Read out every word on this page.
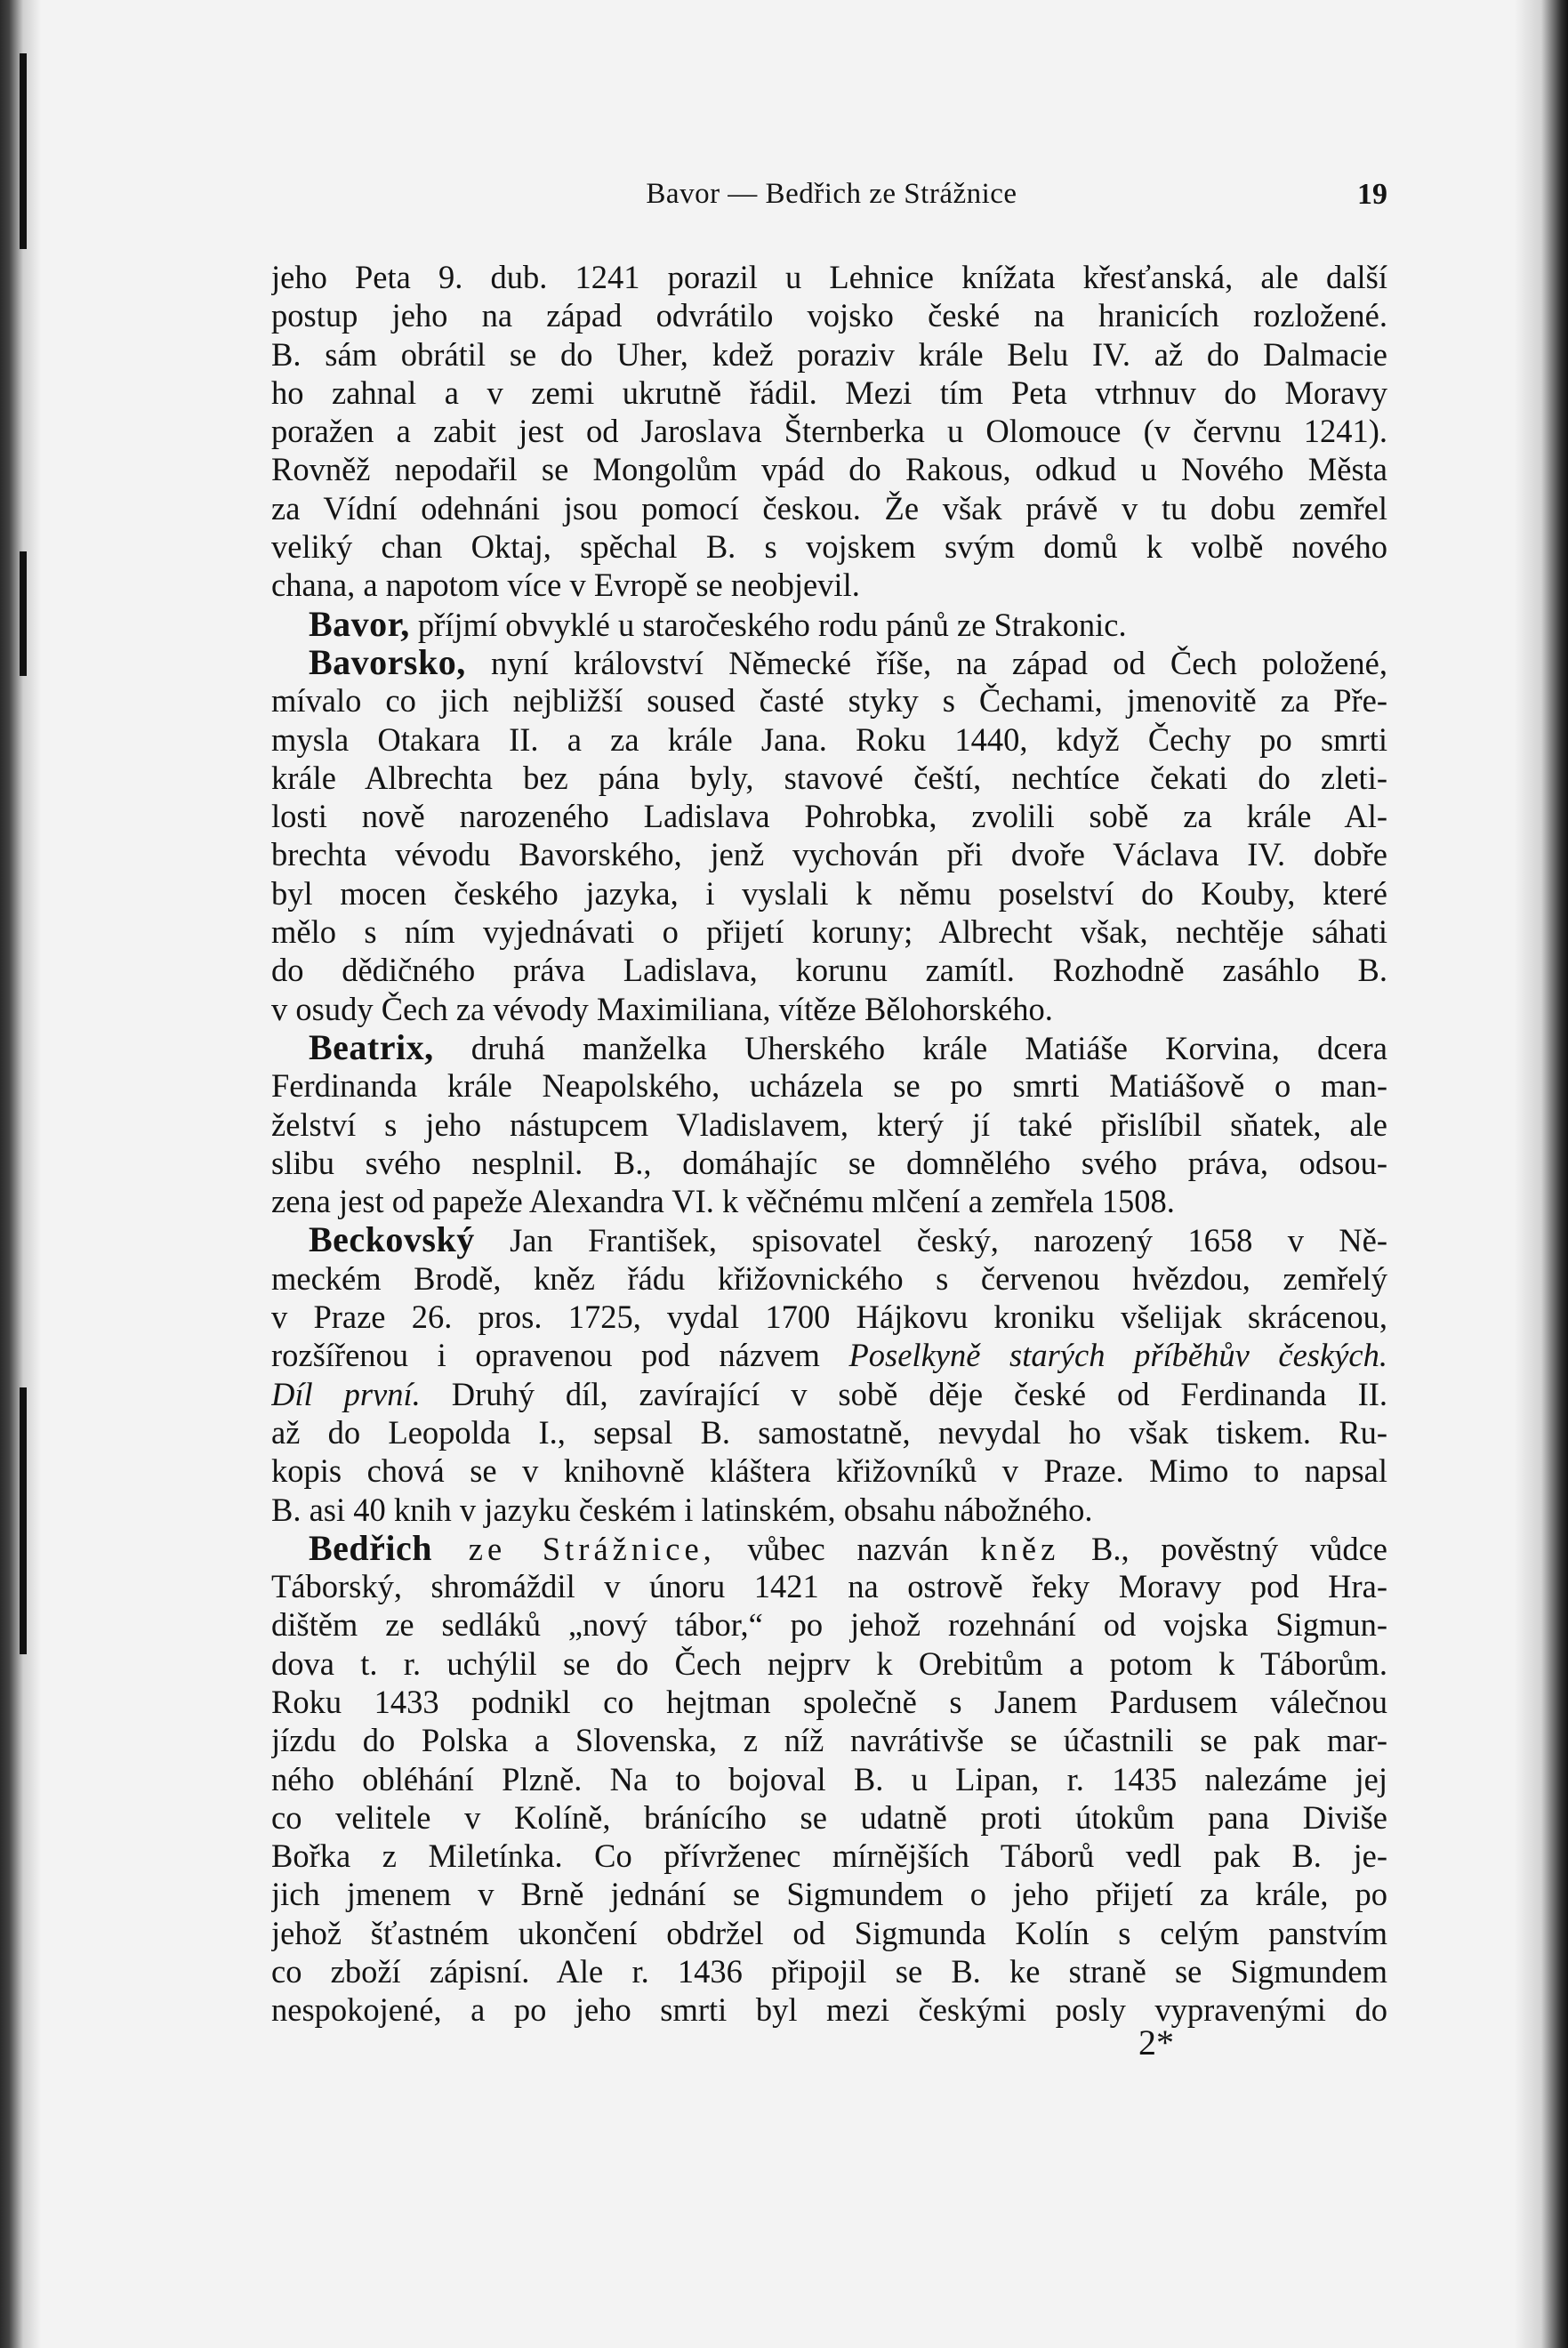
Bavor — Bedřich ze Strážnice	19
jeho Peta 9. dub. 1241 porazil u Lehnice knížata křesťanská, ale další
postup jeho na západ odvrátilo vojsko české na hranicích rozložené.
B. sám obrátil se do Uher, kdež poraziv krále Belu IV. až do Dalmacie
ho zahnal a v zemi ukrutně řádil. Mezi tím Peta vtrhnuv do Moravy
poražen a zabit jest od Jaroslava Šternberka u Olomouce (v červnu 1241).
Rovněž nepodařil se Mongolům vpád do Rakous, odkud u Nového Města
za Vídní odehnáni jsou pomocí českou. Že však právě v tu dobu zemřel
veliký chan Oktaj, spěchal B. s vojskem svým domů k volbě nového
chana, a napotom více v Evropě se neobjevil.
Bavor, příjmí obvyklé u staročeského rodu pánů ze Strakonic.
Bavorsko, nyní království Německé říše, na západ od Čech položené,
mívalo co jich nejbližší soused časté styky s Čechami, jmenovitě za Pře-
mysla Otakara II. a za krále Jana. Roku 1440, když Čechy po smrti
krále Albrechta bez pána byly, stavové čeští, nechtíce čekati do zleti-
losti nově narozeného Ladislava Pohrobka, zvolili sobě za krále Al-
brechta vévodu Bavorského, jenž vychován při dvoře Václava IV. dobře
byl mocen českého jazyka, i vyslali k němu poselství do Kouby, které
mělo s ním vyjednávati o přijetí koruny; Albrecht však, nechtěje sáhati
do dědičného práva Ladislava, korunu zamítl. Rozhodně zasáhlo B.
v osudy Čech za vévody Maximiliana, vítěze Bělohorského.
Beatrix, druhá manželka Uherského krále Matiáše Korvina, dcera
Ferdinanda krále Neapolského, ucházela se po smrti Matiášově o man-
želství s jeho nástupcem Vladislavem, který jí také přislíbil sňatek, ale
slibu svého nesplnil. B., domáhajíc se domnělého svého práva, odsou-
zena jest od papeže Alexandra VI. k věčnému mlčení a zemřela 1508.
Beckovský Jan František, spisovatel český, narozený 1658 v Ně-
meckém Brodě, kněz řádu křižovnického s červenou hvězdou, zemřelý
v Praze 26. pros. 1725, vydal 1700 Hájkovu kroniku všelijak skrácenou,
rozšířenou i opravenou pod názvem Poselkyně starých příběhův českých.
Díl první. Druhý díl, zavírající v sobě děje české od Ferdinanda II.
až do Leopolda I., sepsal B. samostatně, nevydal ho však tiskem. Ru-
kopis chová se v knihovně kláštera křižovníků v Praze. Mimo to napsal
B. asi 40 knih v jazyku českém i latinském, obsahu nábožného.
Bedřich ze Strážnice, vůbec nazván kněz B., pověstný vůdce
Táborský, shromáždil v únoru 1421 na ostrově řeky Moravy pod Hra-
dištěm ze sedláků „nový tábor,“ po jehož rozehnání od vojska Sigmun-
dova t. r. uchýlil se do Čech nejprv k Orebitům a potom k Táborům.
Roku 1433 podnikl co hejtman společně s Janem Pardusem válečnou
jízdu do Polska a Slovenska, z níž navrátivše se účastnili se pak mar-
ného obléhání Plzně. Na to bojoval B. u Lipan, r. 1435 nalezáme jej
co velitele v Kolíně, bránícího se udatně proti útokům pana Diviše
Bořka z Miletínka. Co přívrženec mírnějších Táborů vedl pak B. je-
jich jmenem v Brně jednání se Sigmundem o jeho přijetí za krále, po
jehož šťastném ukončení obdržel od Sigmunda Kolín s celým panstvím
co zboží zápisní. Ale r. 1436 připojil se B. ke straně se Sigmundem
nespokojené, a po jeho smrti byl mezi českými posly vypravenými do
2*
